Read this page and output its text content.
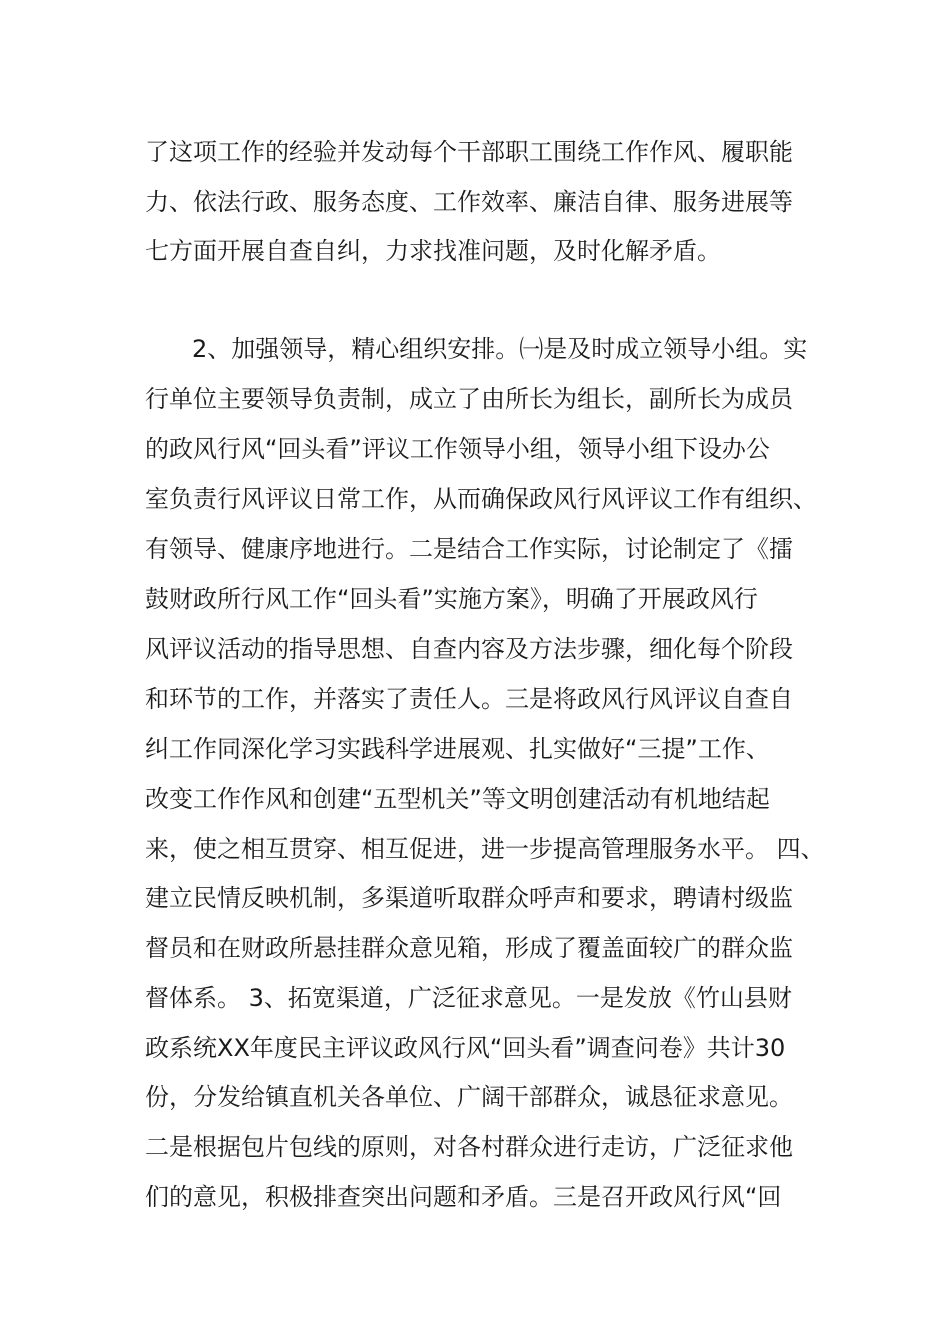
了这项工作的经验并发动每个干部职工围绕工作作风、履职能
力、依法行政、服务态度、工作效率、廉洁自律、服务进展等
七方面开展自查自纠，力求找准问题，及时化解矛盾。
2、加强领导，精心组织安排。㈠是及时成立领导小组。实
行单位主要领导负责制，成立了由所长为组长，副所长为成员
的政风行风“回头看”评议工作领导小组，领导小组下设办公
室负责行风评议日常工作，从而确保政风行风评议工作有组织、
有领导、健康序地进行。二是结合工作实际，讨论制定了《擂
鼓财政所行风工作“回头看”实施方案》，明确了开展政风行
风评议活动的指导思想、自查内容及方法步骤，细化每个阶段
和环节的工作，并落实了责任人。三是将政风行风评议自查自
纠工作同深化学习实践科学进展观、扎实做好“三提”工作、
改变工作作风和创建“五型机关”等文明创建活动有机地结起
来，使之相互贯穿、相互促进，进一步提高管理服务水平。 四、
建立民情反映机制，多渠道听取群众呼声和要求，聘请村级监
督员和在财政所悬挂群众意见箱，形成了覆盖面较广的群众监
督体系。 3、拓宽渠道，广泛征求意见。一是发放《竹山县财
政系统XX年度民主评议政风行风“回头看”调查问卷》共计30
份，分发给镇直机关各单位、广阔干部群众，诚恳征求意见。
二是根据包片包线的原则，对各村群众进行走访，广泛征求他
们的意见，积极排查突出问题和矛盾。三是召开政风行风“回
